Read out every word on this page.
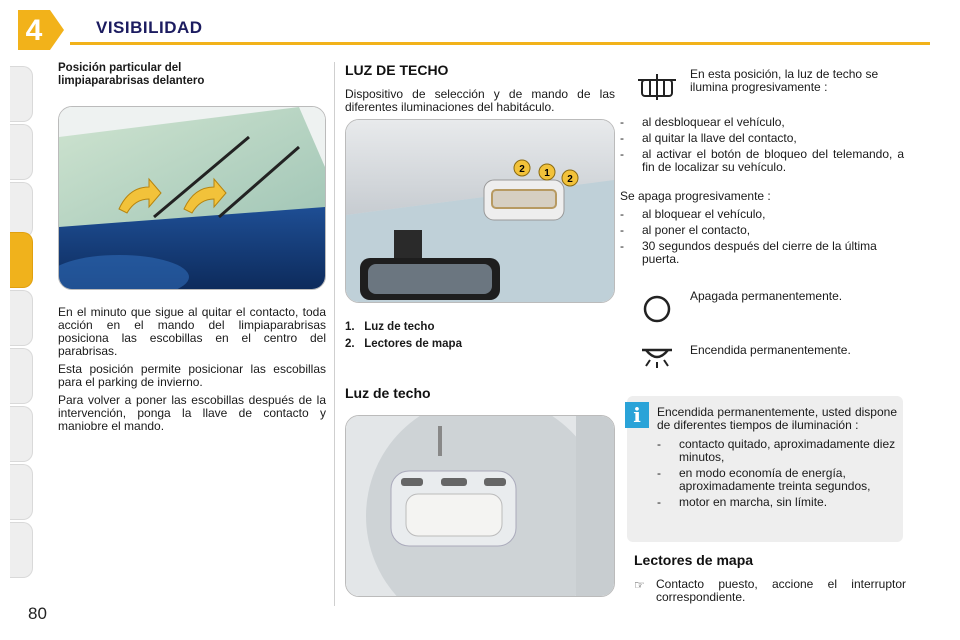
4	VISIBILIDAD

Posición particular del limpiaparabrisas delantero

En el minuto que sigue al quitar el contacto, toda acción en el mando del limpiaparabrisas posiciona las escobillas en el centro del parabrisas.

Esta posición permite posicionar las escobillas para el parking de invierno.

Para volver a poner las escobillas después de la intervención, ponga la llave de contacto y maniobre el mando.

LUZ DE TECHO

Dispositivo de selección y de mando de las diferentes iluminaciones del habitáculo.

2 1
2
1. Luz de techo
2. Lectores de mapa

Luz de techo

En esta posición, la luz de techo se ilumina progresivamente :
- al desbloquear el vehículo,
- al quitar la llave del contacto,
- al activar el botón de bloqueo del telemando, a fin de localizar su vehículo.
Se apaga progresivamente :
- al bloquear el vehículo,
- al poner el contacto,
- 30 segundos después del cierre de la última puerta.
Apagada permanentemente.
Encendida permanentemente.
Encendida permanentemente, usted dispone de diferentes tiempos de iluminación :
- contacto quitado, aproximadamente diez minutos,
- en modo economía de energía, aproximadamente treinta segundos,
- motor en marcha, sin límite.
i
Lectores de mapa
☞ Contacto puesto, accione el interruptor correspondiente.
80
